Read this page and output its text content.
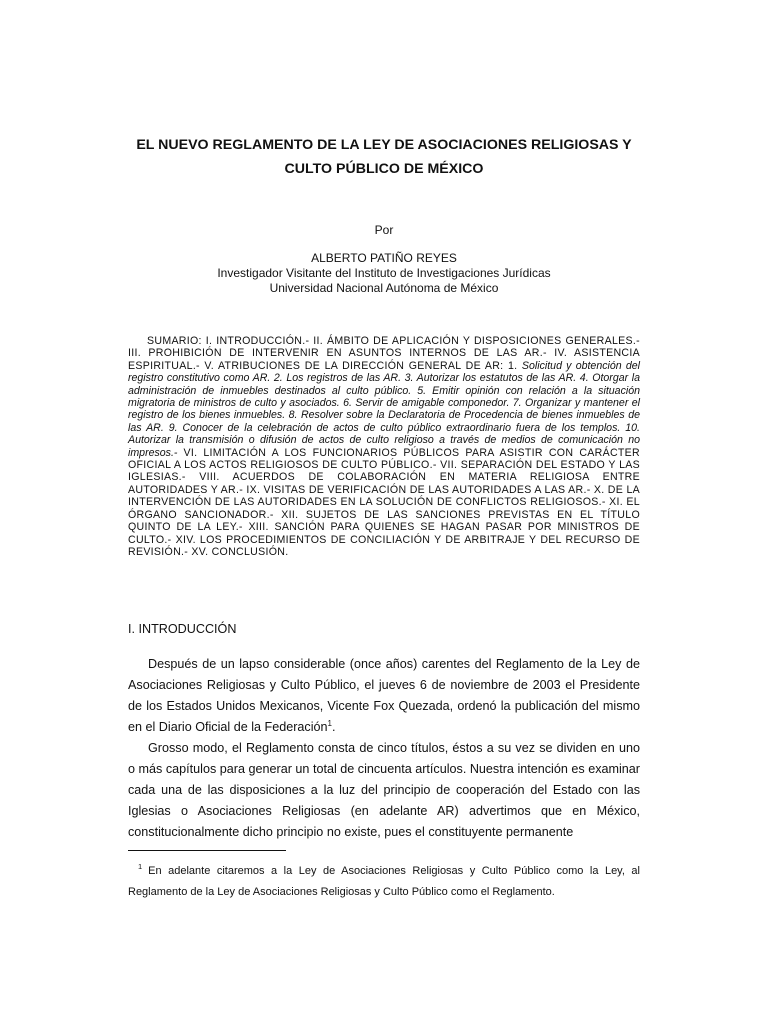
EL NUEVO REGLAMENTO DE LA LEY DE ASOCIACIONES RELIGIOSAS Y
CULTO PÚBLICO DE MÉXICO
Por
ALBERTO PATIÑO REYES
Investigador Visitante del Instituto de Investigaciones Jurídicas
Universidad Nacional Autónoma de México
SUMARIO: I. INTRODUCCIÓN.- II. ÁMBITO DE APLICACIÓN Y DISPOSICIONES GENERALES.- III. PROHIBICIÓN DE INTERVENIR EN ASUNTOS INTERNOS DE LAS AR.- IV. ASISTENCIA ESPIRITUAL.- V. ATRIBUCIONES DE LA DIRECCIÓN GENERAL DE AR: 1. Solicitud y obtención del registro constitutivo como AR. 2. Los registros de las AR. 3. Autorizar los estatutos de las AR. 4. Otorgar la administración de inmuebles destinados al culto público. 5. Emitir opinión con relación a la situación migratoria de ministros de culto y asociados. 6. Servir de amigable componedor. 7. Organizar y mantener el registro de los bienes inmuebles. 8. Resolver sobre la Declaratoria de Procedencia de bienes inmuebles de las AR. 9. Conocer de la celebración de actos de culto público extraordinario fuera de los templos. 10. Autorizar la transmisión o difusión de actos de culto religioso a través de medios de comunicación no impresos.- VI. LIMITACIÓN A LOS FUNCIONARIOS PÚBLICOS PARA ASISTIR CON CARÁCTER OFICIAL A LOS ACTOS RELIGIOSOS DE CULTO PÚBLICO.- VII. SEPARACIÓN DEL ESTADO Y LAS IGLESIAS.- VIII. ACUERDOS DE COLABORACIÓN EN MATERIA RELIGIOSA ENTRE AUTORIDADES Y AR.- IX. VISITAS DE VERIFICACIÓN DE LAS AUTORIDADES A LAS AR.- X. DE LA INTERVENCIÓN DE LAS AUTORIDADES EN LA SOLUCIÓN DE CONFLICTOS RELIGIOSOS.- XI. EL ÓRGANO SANCIONADOR.- XII. SUJETOS DE LAS SANCIONES PREVISTAS EN EL TÍTULO QUINTO DE LA LEY.- XIII. SANCIÓN PARA QUIENES SE HAGAN PASAR POR MINISTROS DE CULTO.- XIV. LOS PROCEDIMIENTOS DE CONCILIACIÓN Y DE ARBITRAJE Y DEL RECURSO DE REVISIÓN.- XV. CONCLUSIÓN.
I. INTRODUCCIÓN

Después de un lapso considerable (once años) carentes del Reglamento de la Ley de Asociaciones Religiosas y Culto Público, el jueves 6 de noviembre de 2003 el Presidente de los Estados Unidos Mexicanos, Vicente Fox Quezada, ordenó la publicación del mismo en el Diario Oficial de la Federación$^1$.

Grosso modo, el Reglamento consta de cinco títulos, éstos a su vez se dividen en uno o más capítulos para generar un total de cincuenta artículos. Nuestra intención es examinar cada una de las disposiciones a la luz del principio de cooperación del Estado con las Iglesias o Asociaciones Religiosas (en adelante AR) advertimos que en México, constitucionalmente dicho principio no existe, pues el constituyente permanente

$^1$ En adelante citaremos a la Ley de Asociaciones Religiosas y Culto Público como la Ley, al Reglamento de la Ley de Asociaciones Religiosas y Culto Público como el Reglamento.
